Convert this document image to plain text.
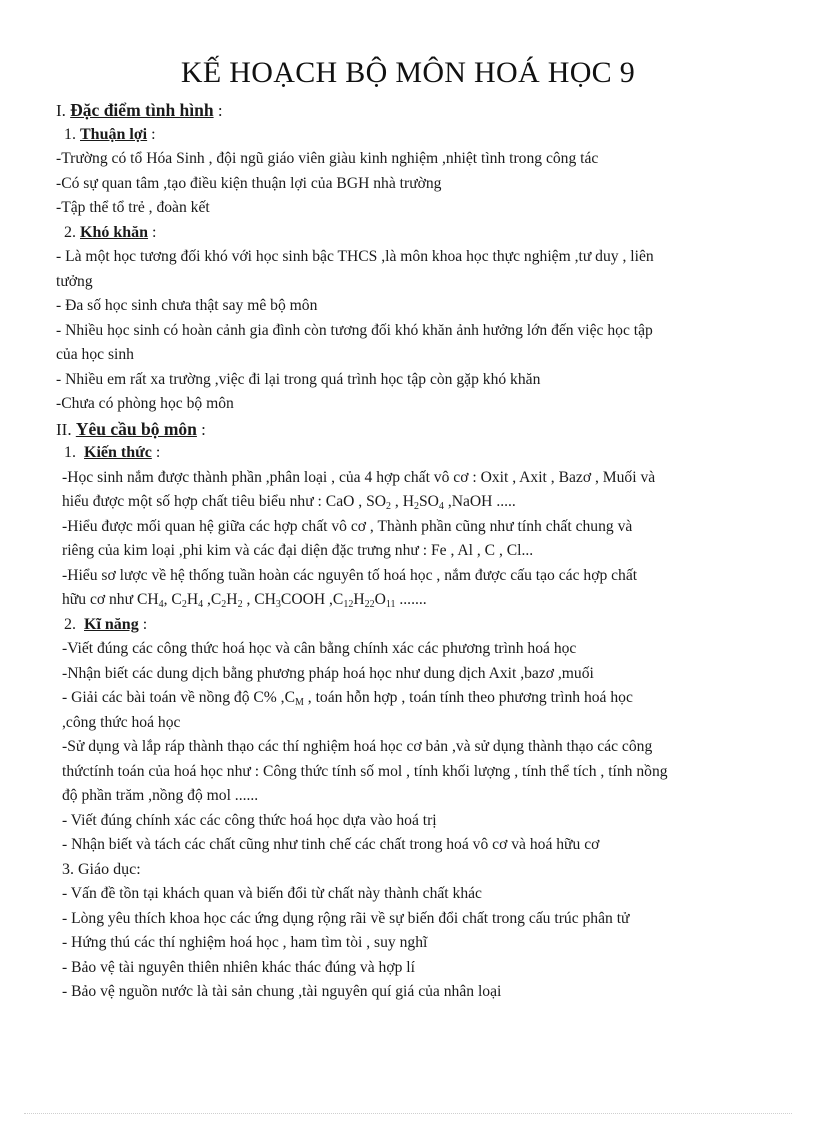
KẾ HOẠCH BỘ MÔN HOÁ HỌC 9
I. Đặc điểm tình hình :
1. Thuận lợi :
-Trường có tổ Hóa Sinh , đội ngũ giáo viên giàu kinh nghiệm ,nhiệt tình trong công tác
-Có sự quan tâm ,tạo điều kiện thuận lợi của BGH nhà trường
-Tập thể tổ trẻ , đoàn kết
2. Khó khăn :
- Là một học tương đối khó với học sinh bậc THCS ,là môn khoa học thực nghiệm ,tư duy , liên
tưởng
- Đa số học sinh chưa thật say mê bộ môn
- Nhiều học sinh có hoàn cảnh gia đình còn tương đối khó khăn ảnh hưởng lớn đến việc học tập
của học sinh
- Nhiều em rất xa trường ,việc đi lại trong quá trình học tập còn gặp khó khăn
-Chưa có phòng học bộ môn
II. Yêu cầu bộ môn :
1. Kiến thức :
-Học sinh nắm được thành phần ,phân loại , của 4 hợp chất vô cơ : Oxit , Axit , Bazơ , Muối và
hiểu được một số hợp chất tiêu biểu như : CaO , $SO_2$ , $H_2SO_4$ ,NaOH .....
-Hiểu được mối quan hệ giữa các hợp chất vô cơ , Thành phần cũng như tính chất chung và
riêng của kim loại ,phi kim và các đại diện đặc trưng như : Fe , Al , C , Cl...
-Hiểu sơ lược về hệ thống tuần hoàn các nguyên tố hoá học , nắm được cấu tạo các hợp chất
hữu cơ như $CH_4$, $C_2H_4$ $,C_2H_2$ , $CH_3COOH$ $,C_{12}H_{22}O_{11}$ .......
2. Kĩ năng :
-Viết đúng các công thức hoá học và cân bằng chính xác các phương trình hoá học
-Nhận biết các dung dịch bằng phương pháp hoá học như dung dịch Axit ,bazơ ,muối
- Giải các bài toán về nồng độ C% $,C_M$ , toán hỗn hợp , toán tính theo phương trình hoá học
,công thức hoá học
-Sử dụng và lắp ráp thành thạo các thí nghiệm hoá học cơ bản ,và sử dụng thành thạo các công
thứctính toán của hoá học như : Công thức tính số mol , tính khối lượng , tính thể tích , tính nồng
độ phần trăm ,nồng độ mol ......
- Viết đúng chính xác các công thức hoá học dựa vào hoá trị
- Nhận biết và tách các chất cũng như tinh chế các chất trong hoá vô cơ và hoá hữu cơ
3. Giáo dục:
- Vấn đề tồn tại khách quan và biến đổi từ chất này thành chất khác
- Lòng yêu thích khoa học các ứng dụng rộng rãi về sự biến đổi chất trong cấu trúc phân tử
- Hứng thú các thí nghiệm hoá học , ham tìm tòi , suy nghĩ
- Bảo vệ tài nguyên thiên nhiên khác thác đúng và hợp lí
- Bảo vệ nguồn nước là tài sản chung ,tài nguyên quí giá của nhân loại
